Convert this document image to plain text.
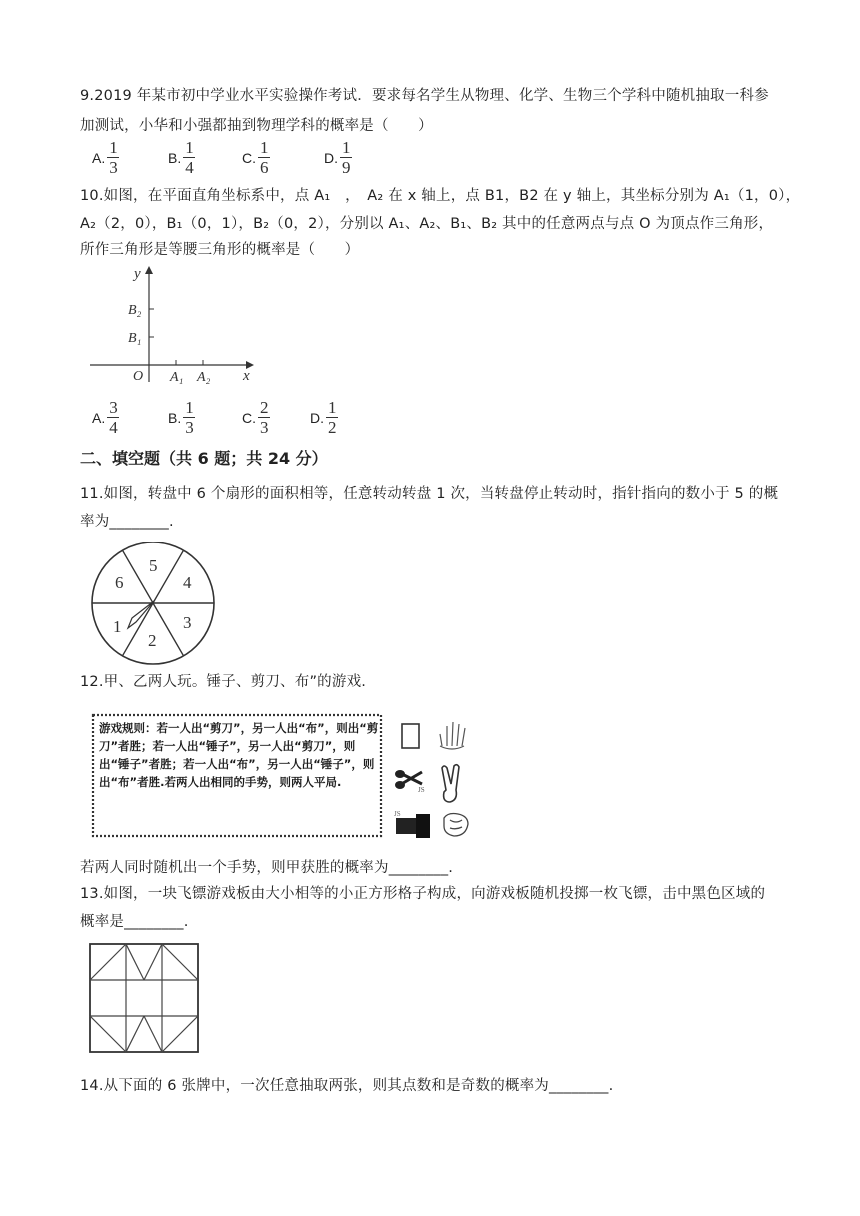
9.2019 年某市初中学业水平实验操作考试．要求每名学生从物理、化学、生物三个学科中随机抽取一科参
加测试，小华和小强都抽到物理学科的概率是（　　）
A. $\frac{1}{3}$	B. $\frac{1}{4}$	C. $\frac{1}{6}$	D. $\frac{1}{9}$
10.如图，在平面直角坐标系中，点 A₁　，　A₂ 在 x 轴上，点 B1，B2 在 y 轴上，其坐标分别为 A₁（1，0），
A₂（2，0），B₁（0，1），B₂（0，2），分别以 A₁、A₂、B₁、B₂ 其中的任意两点与点 O 为顶点作三角形，
所作三角形是等腰三角形的概率是（　　）
y
B₂
B₁
O A₁ A₂ x
A. $\frac{3}{4}$	B. $\frac{1}{3}$	C. $\frac{2}{3}$	D. $\frac{1}{2}$
二、填空题（共 6 题；共 24 分）
11.如图，转盘中 6 个扇形的面积相等，任意转动转盘 1 次，当转盘停止转动时，指针指向的数小于 5 的概
率为________.
5
4
3
2
1
6
12.甲、乙两人玩。锤子、剪刀、布”的游戏.
游戏规则：若一人出“剪刀”，另一人出“布”，则出“剪刀”者胜；若一人出“锤子”，另一人出“剪刀”，则出“锤子”者胜；若一人出“布”，另一人出“锤子”，则出“布”者胜.若两人出相同的手势，则两人平局.
JS
JS
若两人同时随机出一个手势，则甲获胜的概率为________.
13.如图，一块飞镖游戏板由大小相等的小正方形格子构成，向游戏板随机投掷一枚飞镖，击中黑色区域的
概率是________.
14.从下面的 6 张牌中，一次任意抽取两张，则其点数和是奇数的概率为________.
